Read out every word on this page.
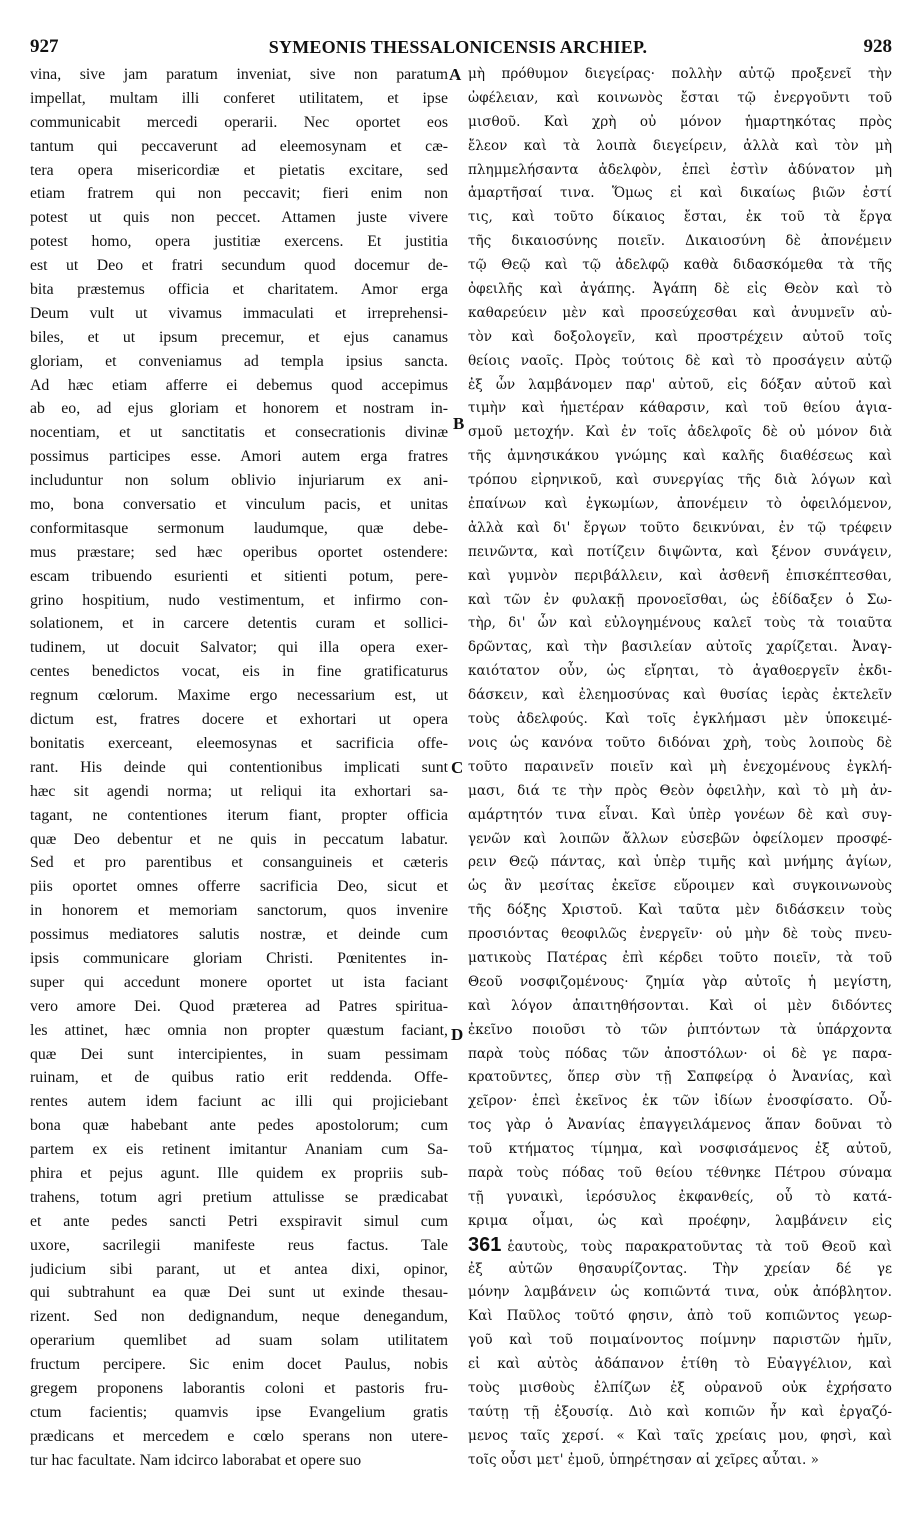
927	SYMEONIS THESSALONICENSIS ARCHIEP.	928
vina, sive jam paratum inveniat, sive non paratum
impellat, multam illi conferet utilitatem, et ipse
communicabit mercedi operarii. Nec oportet eos
tantum qui peccaverunt ad eleemosynam et cæ-
tera opera misericordiæ et pietatis excitare, sed
etiam fratrem qui non peccavit; fieri enim non
potest ut quis non peccet. Attamen juste vivere
potest homo, opera justitiæ exercens. Et justitia
est ut Deo et fratri secundum quod docemur de-
bita præstemus officia et charitatem. Amor erga
Deum vult ut vivamus immaculati et irreprehensi-
biles, et ut ipsum precemur, et ejus canamus
gloriam, et conveniamus ad templa ipsius sancta.
Ad hæc etiam afferre ei debemus quod accepimus
ab eo, ad ejus gloriam et honorem et nostram in-
nocentiam, et ut sanctitatis et consecrationis divinæ
possimus participes esse. Amori autem erga fratres
includuntur non solum oblivio injuriarum ex ani-
mo, bona conversatio et vinculum pacis, et unitas
conformitasque sermonum laudumque, quæ debe-
mus præstare; sed hæc operibus oportet ostendere:
escam tribuendo esurienti et sitienti potum, pere-
grino hospitium, nudo vestimentum, et infirmo con-
solationem, et in carcere detentis curam et sollici-
tudinem, ut docuit Salvator; qui illa opera exer-
centes benedictos vocat, eis in fine gratificaturus
regnum cœlorum. Maxime ergo necessarium est, ut
dictum est, fratres docere et exhortari ut opera
bonitatis exerceant, eleemosynas et sacrificia offe-
rant. His deinde qui contentionibus implicati sunt
hæc sit agendi norma; ut reliqui ita exhortari sa-
tagant, ne contentiones iterum fiant, propter officia
quæ Deo debentur et ne quis in peccatum labatur.
Sed et pro parentibus et consanguineis et cæteris
piis oportet omnes offerre sacrificia Deo, sicut et
in honorem et memoriam sanctorum, quos invenire
possimus mediatores salutis nostræ, et deinde cum
ipsis communicare gloriam Christi. Pœnitentes in-
super qui accedunt monere oportet ut ista faciant
vero amore Dei. Quod præterea ad Patres spiritua-
les attinet, hæc omnia non propter quæstum faciant,
quæ Dei sunt intercipientes, in suam pessimam
ruinam, et de quibus ratio erit reddenda. Offe-
rentes autem idem faciunt ac illi qui projiciebant
bona quæ habebant ante pedes apostolorum; cum
partem ex eis retinent imitantur Ananiam cum Sa-
phira et pejus agunt. Ille quidem ex propriis sub-
trahens, totum agri pretium attulisse se prædicabat
et ante pedes sancti Petri exspiravit simul cum
uxore, sacrilegii manifeste reus factus. Tale
judicium sibi parant, ut et antea dixi, opinor,
qui subtrahunt ea quæ Dei sunt ut exinde thesau-
rizent. Sed non dedignandum, neque denegandum,
operarium quemlibet ad suam solam utilitatem
fructum percipere. Sic enim docet Paulus, nobis
gregem proponens laborantis coloni et pastoris fru-
ctum facientis; quamvis ipse Evangelium gratis
prædicans et mercedem e cœlo sperans non utere-
tur hac facultate. Nam idcirco laborabat et opere suo
μὴ πρόθυμον διεγείρας· πολλὴν αὐτῷ προξενεῖ τὴν
ὠφέλειαν, καὶ κοινωνὸς ἔσται τῷ ἐνεργοῦντι τοῦ
μισθοῦ. Καὶ χρὴ οὐ μόνον ἡμαρτηκότας πρὸς
ἔλεον καὶ τὰ λοιπὰ διεγείρειν, ἀλλὰ καὶ τὸν μὴ
πλημμελήσαντα ἀδελφὸν, ἐπεὶ ἐστὶν ἀδύνατον μὴ
ἁμαρτῆσαί τινα. Ὅμως εἰ καὶ δικαίως βιῶν ἐστί
τις, καὶ τοῦτο δίκαιος ἔσται, ἐκ τοῦ τὰ ἔργα
τῆς δικαιοσύνης ποιεῖν. Δικαιοσύνη δὲ ἀπονέμειν
τῷ Θεῷ καὶ τῷ ἀδελφῷ καθὰ διδασκόμεθα τὰ τῆς
ὀφειλῆς καὶ ἀγάπης. Ἀγάπη δὲ εἰς Θεὸν καὶ τὸ
καθαρεύειν μὲν καὶ προσεύχεσθαι καὶ ἀνυμνεῖν αὐ-
τὸν καὶ δοξολογεῖν, καὶ προστρέχειν αὐτοῦ τοῖς
θείοις ναοῖς. Πρὸς τούτοις δὲ καὶ τὸ προσάγειν αὐτῷ
ἐξ ὧν λαμβάνομεν παρ' αὐτοῦ, εἰς δόξαν αὐτοῦ καὶ
τιμὴν καὶ ἡμετέραν κάθαρσιν, καὶ τοῦ θείου ἁγια-
σμοῦ μετοχήν. Καὶ ἐν τοῖς ἀδελφοῖς δὲ οὐ μόνον διὰ
τῆς ἀμνησικάκου γνώμης καὶ καλῆς διαθέσεως καὶ
τρόπου εἰρηνικοῦ, καὶ συνεργίας τῆς διὰ λόγων καὶ
ἐπαίνων καὶ ἐγκωμίων, ἀπονέμειν τὸ ὀφειλόμενον,
ἀλλὰ καὶ δι' ἔργων τοῦτο δεικνύναι, ἐν τῷ τρέφειν
πεινῶντα, καὶ ποτίζειν διψῶντα, καὶ ξένον συνάγειν,
καὶ γυμνὸν περιβάλλειν, καὶ ἀσθενῆ ἐπισκέπτεσθαι,
καὶ τῶν ἐν φυλακῇ προνοεῖσθαι, ὡς ἐδίδαξεν ὁ Σω-
τὴρ, δι' ὧν καὶ εὐλογημένους καλεῖ τοὺς τὰ τοιαῦτα
δρῶντας, καὶ τὴν βασιλείαν αὐτοῖς χαρίζεται. Ἀναγ-
καιότατον οὖν, ὡς εἴρηται, τὸ ἀγαθοεργεῖν ἐκδι-
δάσκειν, καὶ ἐλεημοσύνας καὶ θυσίας ἱερὰς ἐκτελεῖν
τοὺς ἀδελφούς. Καὶ τοῖς ἐγκλήμασι μὲν ὑποκειμέ-
νοις ὡς κανόνα τοῦτο διδόναι χρὴ, τοὺς λοιποὺς δὲ
τοῦτο παραινεῖν ποιεῖν καὶ μὴ ἐνεχομένους ἐγκλή-
μασι, διά τε τὴν πρὸς Θεὸν ὀφειλὴν, καὶ τὸ μὴ ἀν-
αμάρτητόν τινα εἶναι. Καὶ ὑπὲρ γονέων δὲ καὶ συγ-
γενῶν καὶ λοιπῶν ἄλλων εὐσεβῶν ὀφείλομεν προσφέ-
ρειν Θεῷ πάντας, καὶ ὑπὲρ τιμῆς καὶ μνήμης ἁγίων,
ὡς ἂν μεσίτας ἐκεῖσε εὕροιμεν καὶ συγκοινωνοὺς
τῆς δόξης Χριστοῦ. Καὶ ταῦτα μὲν διδάσκειν τοὺς
προσιόντας θεοφιλῶς ἐνεργεῖν· οὐ μὴν δὲ τοὺς πνευ-
ματικοὺς Πατέρας ἐπὶ κέρδει τοῦτο ποιεῖν, τὰ τοῦ
Θεοῦ νοσφιζομένους· ζημία γὰρ αὐτοῖς ἡ μεγίστη,
καὶ λόγον ἀπαιτηθήσονται. Καὶ οἱ μὲν διδόντες
ἐκεῖνο ποιοῦσι τὸ τῶν ῥιπτόντων τὰ ὑπάρχοντα
παρὰ τοὺς πόδας τῶν ἀποστόλων· οἱ δὲ γε παρα-
κρατοῦντες, ὅπερ σὺν τῇ Σαπφείρᾳ ὁ Ἀνανίας, καὶ
χεῖρον· ἐπεὶ ἐκεῖνος ἐκ τῶν ἰδίων ἐνοσφίσατο. Οὗ-
τος γὰρ ὁ Ἀνανίας ἐπαγγειλάμενος ἅπαν δοῦναι τὸ
τοῦ κτήματος τίμημα, καὶ νοσφισάμενος ἐξ αὐτοῦ,
παρὰ τοὺς πόδας τοῦ θείου τέθνηκε Πέτρου σύναμα
τῇ γυναικὶ, ἱερόσυλος ἐκφανθείς, οὗ τὸ κατά-
κριμα οἶμαι, ὡς καὶ προέφην, λαμβάνειν εἰς
361 ἑαυτοὺς, τοὺς παρακρατοῦντας τὰ τοῦ Θεοῦ καὶ
ἐξ αὐτῶν θησαυρίζοντας. Τὴν χρείαν δέ γε
μόνην λαμβάνειν ὡς κοπιῶντά τινα, οὐκ ἀπόβλητον.
Καὶ Παῦλος τοῦτό φησιν, ἀπὸ τοῦ κοπιῶντος γεωρ-
γοῦ καὶ τοῦ ποιμαίνοντος ποίμνην παριστῶν ἡμῖν,
εἰ καὶ αὐτὸς ἀδάπανον ἐτίθη τὸ Εὐαγγέλιον, καὶ
τοὺς μισθοὺς ἐλπίζων ἐξ οὐρανοῦ οὐκ ἐχρήσατο
ταύτῃ τῇ ἐξουσίᾳ. Διὸ καὶ κοπιῶν ἦν καὶ ἐργαζό-
μενος ταῖς χερσί. « Καὶ ταῖς χρείαις μου, φησὶ, καὶ
τοῖς οὖσι μετ' ἐμοῦ, ὑπηρέτησαν αἱ χεῖρες αὗται. »
A
B
C
D
